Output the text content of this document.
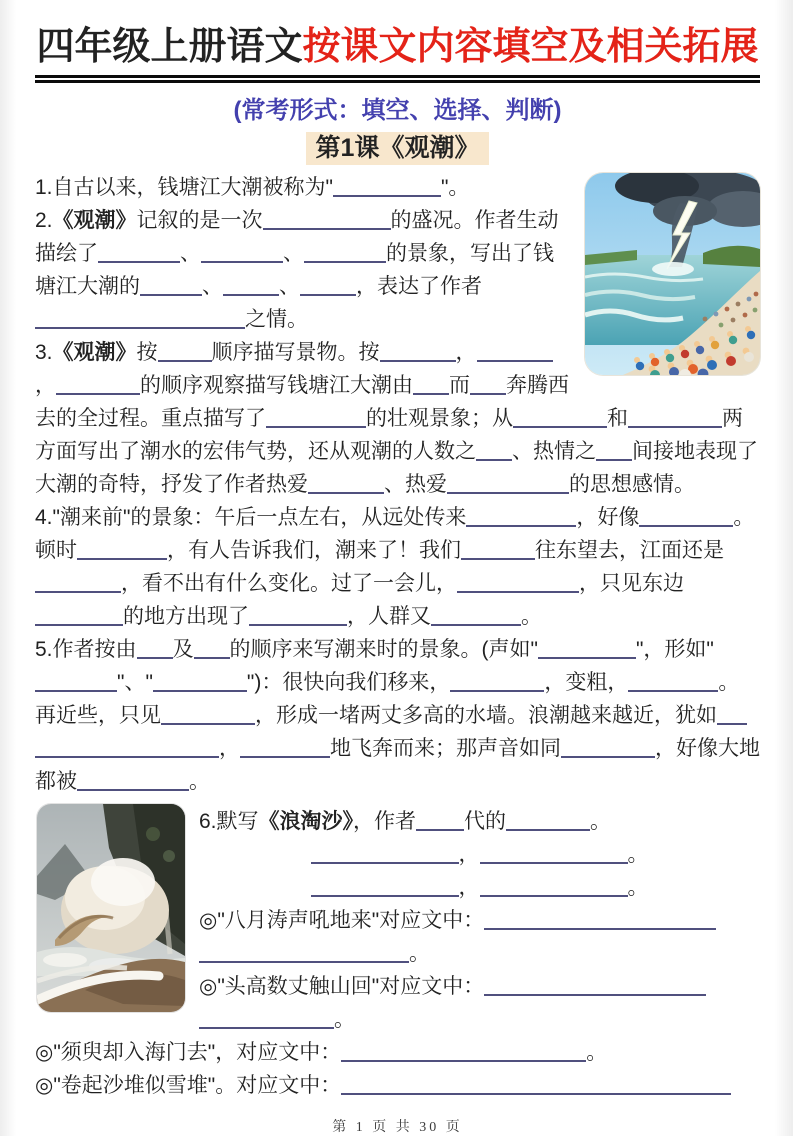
四年级上册语文按课文内容填空及相关拓展
(常考形式：填空、选择、判断)
第1课《观潮》

1.自古以来，钱塘江大潮被称为"	"。

2.《观潮》记叙的是一次	的盛况。作者生动描绘了	、	、	的景象，写出了钱塘江大潮的	、	、	，表达了作者之情。

3.《观潮》按	顺序描写景物。按	，，	的顺序观察描写钱塘江大潮由 而 奔腾西去的全过程。重点描写了	的壮观景象；从	和	两方面写出了潮水的宏伟气势，还从观潮的人数之 、热情之 间接地表现了大潮的奇特，抒发了作者热爱	、热爱	的思想感情。

4."潮来前"的景象：午后一点左右，从远处传来	，好像	。顿时	，有人告诉我们，潮来了！我们	往东望去，江面还是，看不出有什么变化。过了一会儿，	，只见东边的地方出现了	，人群又	。

5.作者按由 及 的顺序来写潮来时的景象。(声如"	"，形如""、"	")：很快向我们移来，	，变粗，	。再近些，只见	，形成一堵两丈多高的水墙。浪潮越来越近，犹如，	地飞奔而来；那声音如同	，好像大地都被	。

6.默写《浪淘沙》，作者 代的	。

，	。

，	。

◎"八月涛声吼地来"对应文中：。

◎"头高数丈触山回"对应文中：。

◎"须臾却入海门去"，对应文中：	。

◎"卷起沙堆似雪堆"。对应文中：

第 1 页 共 30 页
